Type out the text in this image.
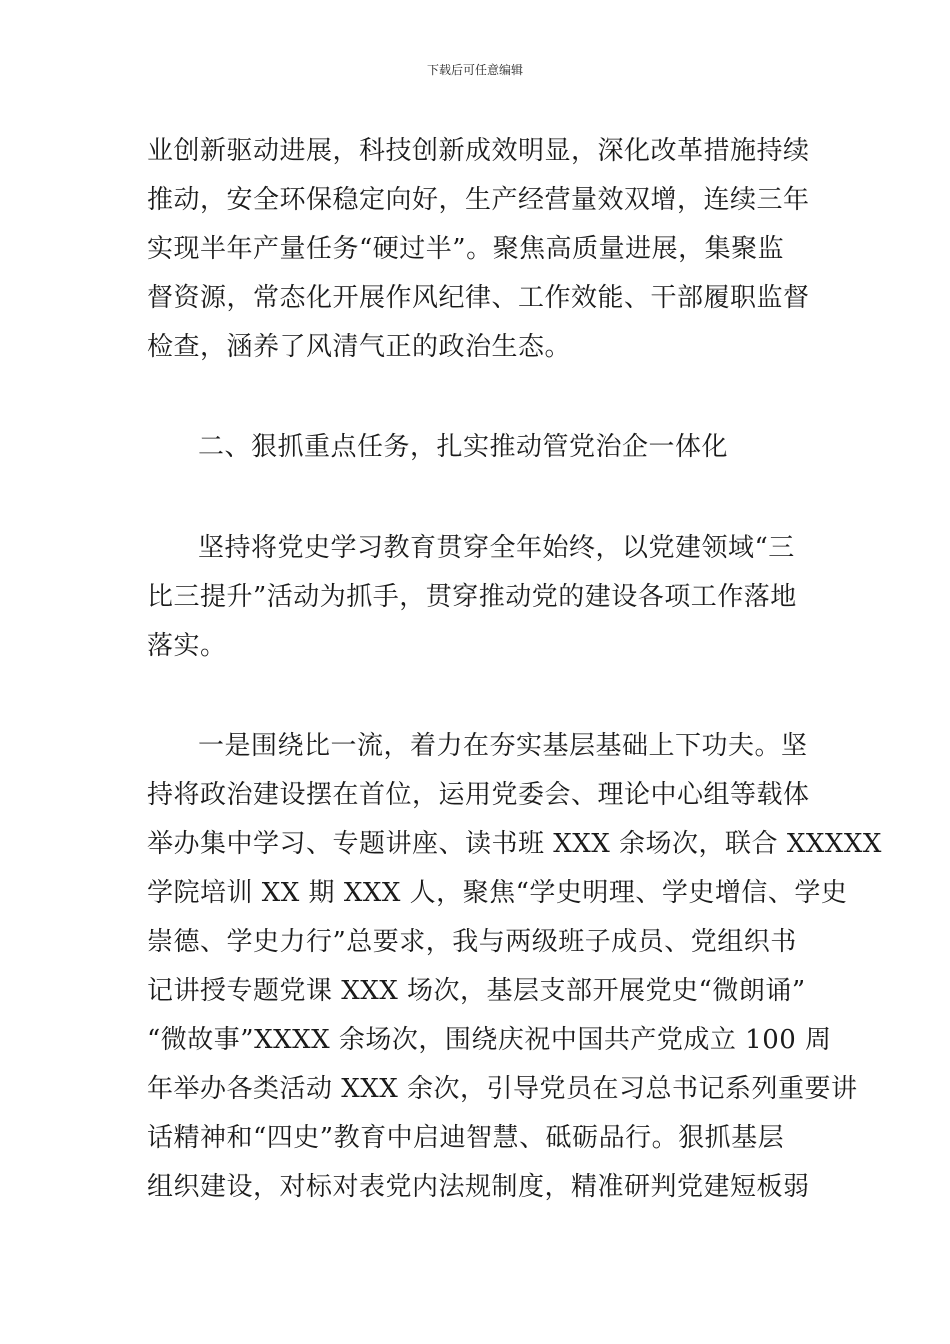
下载后可任意编辑
业创新驱动进展，科技创新成效明显，深化改革措施持续
推动，安全环保稳定向好，生产经营量效双增，连续三年
实现半年产量任务“硬过半”。聚焦高质量进展，集聚监
督资源，常态化开展作风纪律、工作效能、干部履职监督
检查，涵养了风清气正的政治生态。
二、狠抓重点任务，扎实推动管党治企一体化
坚持将党史学习教育贯穿全年始终，以党建领域“三
比三提升”活动为抓手，贯穿推动党的建设各项工作落地
落实。
一是围绕比一流，着力在夯实基层基础上下功夫。坚
持将政治建设摆在首位，运用党委会、理论中心组等载体
举办集中学习、专题讲座、读书班 XXX 余场次，联合 XXXXX
学院培训 XX 期 XXX 人，聚焦“学史明理、学史增信、学史
崇德、学史力行”总要求，我与两级班子成员、党组织书
记讲授专题党课 XXX 场次，基层支部开展党史“微朗诵”
“微故事”XXXX 余场次，围绕庆祝中国共产党成立 100 周
年举办各类活动 XXX 余次，引导党员在习总书记系列重要讲
话精神和“四史”教育中启迪智慧、砥砺品行。狠抓基层
组织建设，对标对表党内法规制度，精准研判党建短板弱
